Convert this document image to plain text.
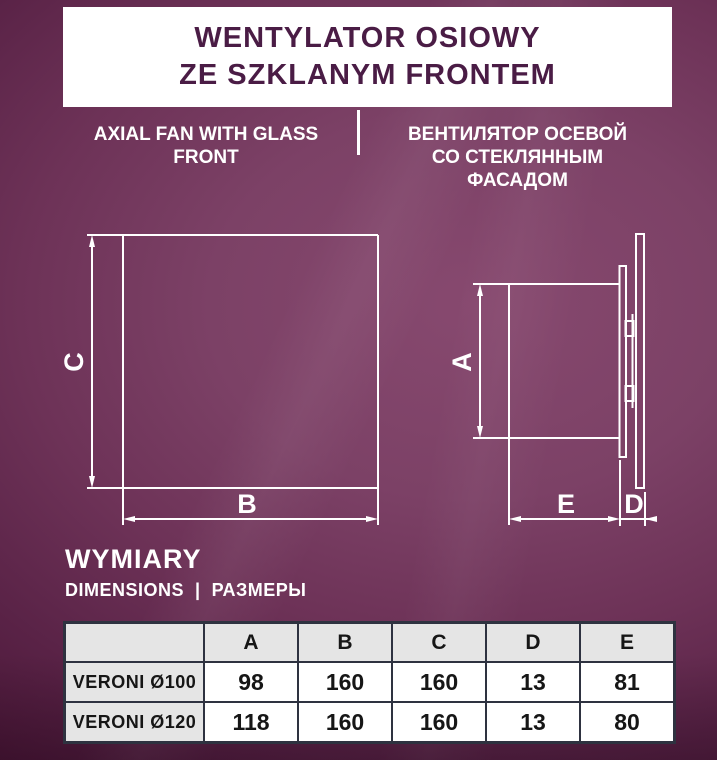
WENTYLATOR OSIOWY
ZE SZKLANYM FRONTEM
AXIAL FAN WITH GLASS
FRONT
ВЕНТИЛЯТОР ОСЕВОЙ
СО СТЕКЛЯННЫМ
ФАСАДОМ
C
B
A
E D
WYMIARY
DIMENSIONS | РАЗМЕРЫ
	A	B	C	D	E
VERONI Ø100	98	160	160	13	81
VERONI Ø120	118	160	160	13	80
